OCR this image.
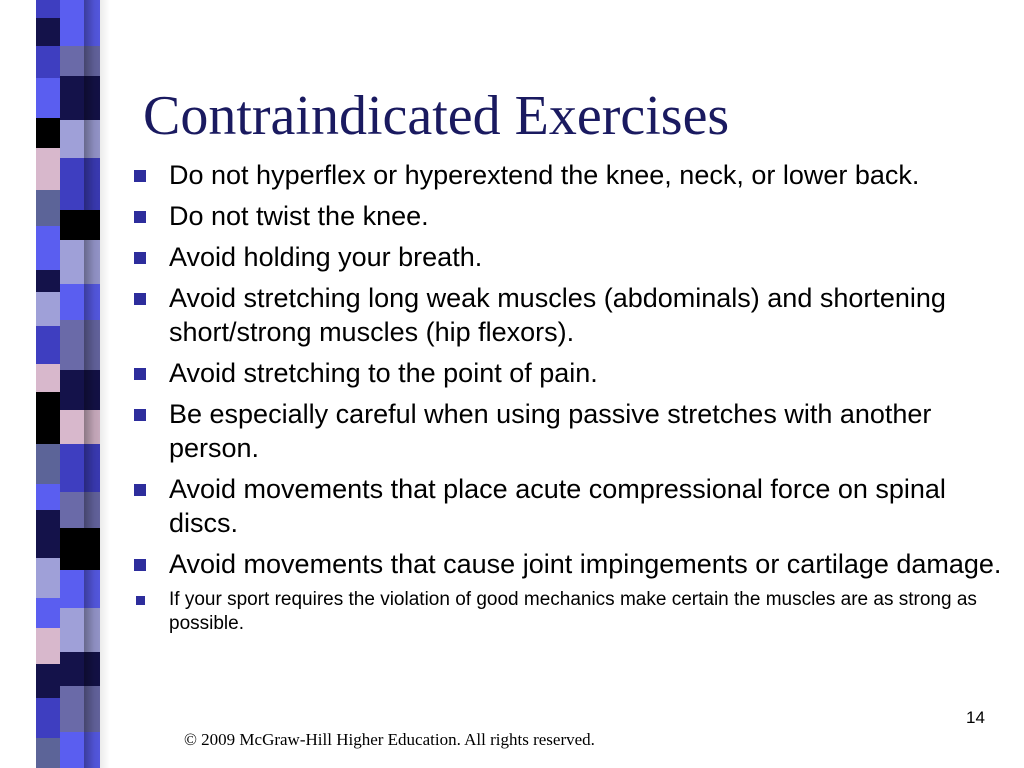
Contraindicated Exercises
Do not hyperflex or hyperextend the knee, neck, or lower back.
Do not twist the knee.
Avoid holding your breath.
Avoid stretching long weak muscles (abdominals) and shortening short/strong muscles (hip flexors).
Avoid stretching to the point of pain.
Be especially careful when using passive stretches with another person.
Avoid movements that place acute compressional force on spinal discs.
Avoid movements that cause joint impingements or cartilage damage.
If your sport requires the violation of good mechanics make certain the muscles are as strong as possible.
14
© 2009 McGraw-Hill Higher Education. All rights reserved.
